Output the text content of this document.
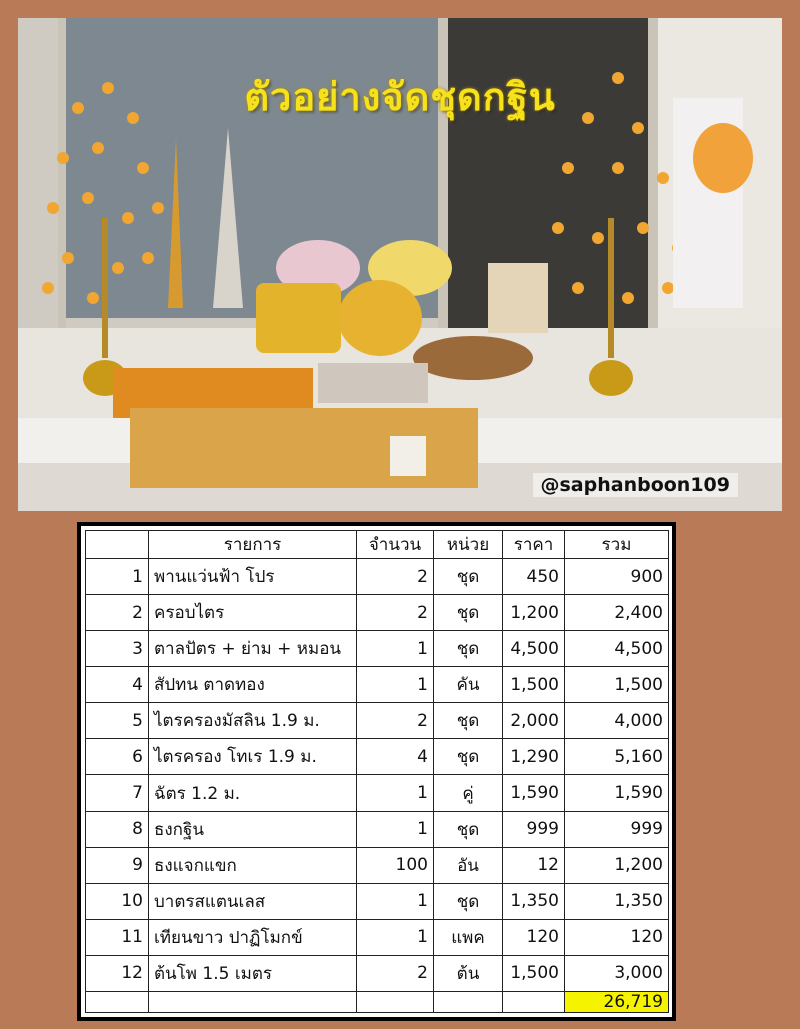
ตัวอย่างจัดชุดกฐิน
@saphanboon109
	รายการ	จำนวน	หน่วย	ราคา	รวม
1	พานแว่นฟ้า โปร	2	ชุด	450	900
2	ครอบไตร	2	ชุด	1,200	2,400
3	ตาลปัตร + ย่าม + หมอน	1	ชุด	4,500	4,500
4	สัปทน ตาดทอง	1	คัน	1,500	1,500
5	ไตรครองมัสลิน 1.9 ม.	2	ชุด	2,000	4,000
6	ไตรครอง โทเร 1.9 ม.	4	ชุด	1,290	5,160
7	ฉัตร 1.2 ม.	1	คู่	1,590	1,590
8	ธงกฐิน	1	ชุด	999	999
9	ธงแจกแขก	100	อัน	12	1,200
10	บาตรสแตนเลส	1	ชุด	1,350	1,350
11	เทียนขาว ปาฏิโมกข์	1	แพค	120	120
12	ต้นโพ 1.5 เมตร	2	ต้น	1,500	3,000
					26,719
